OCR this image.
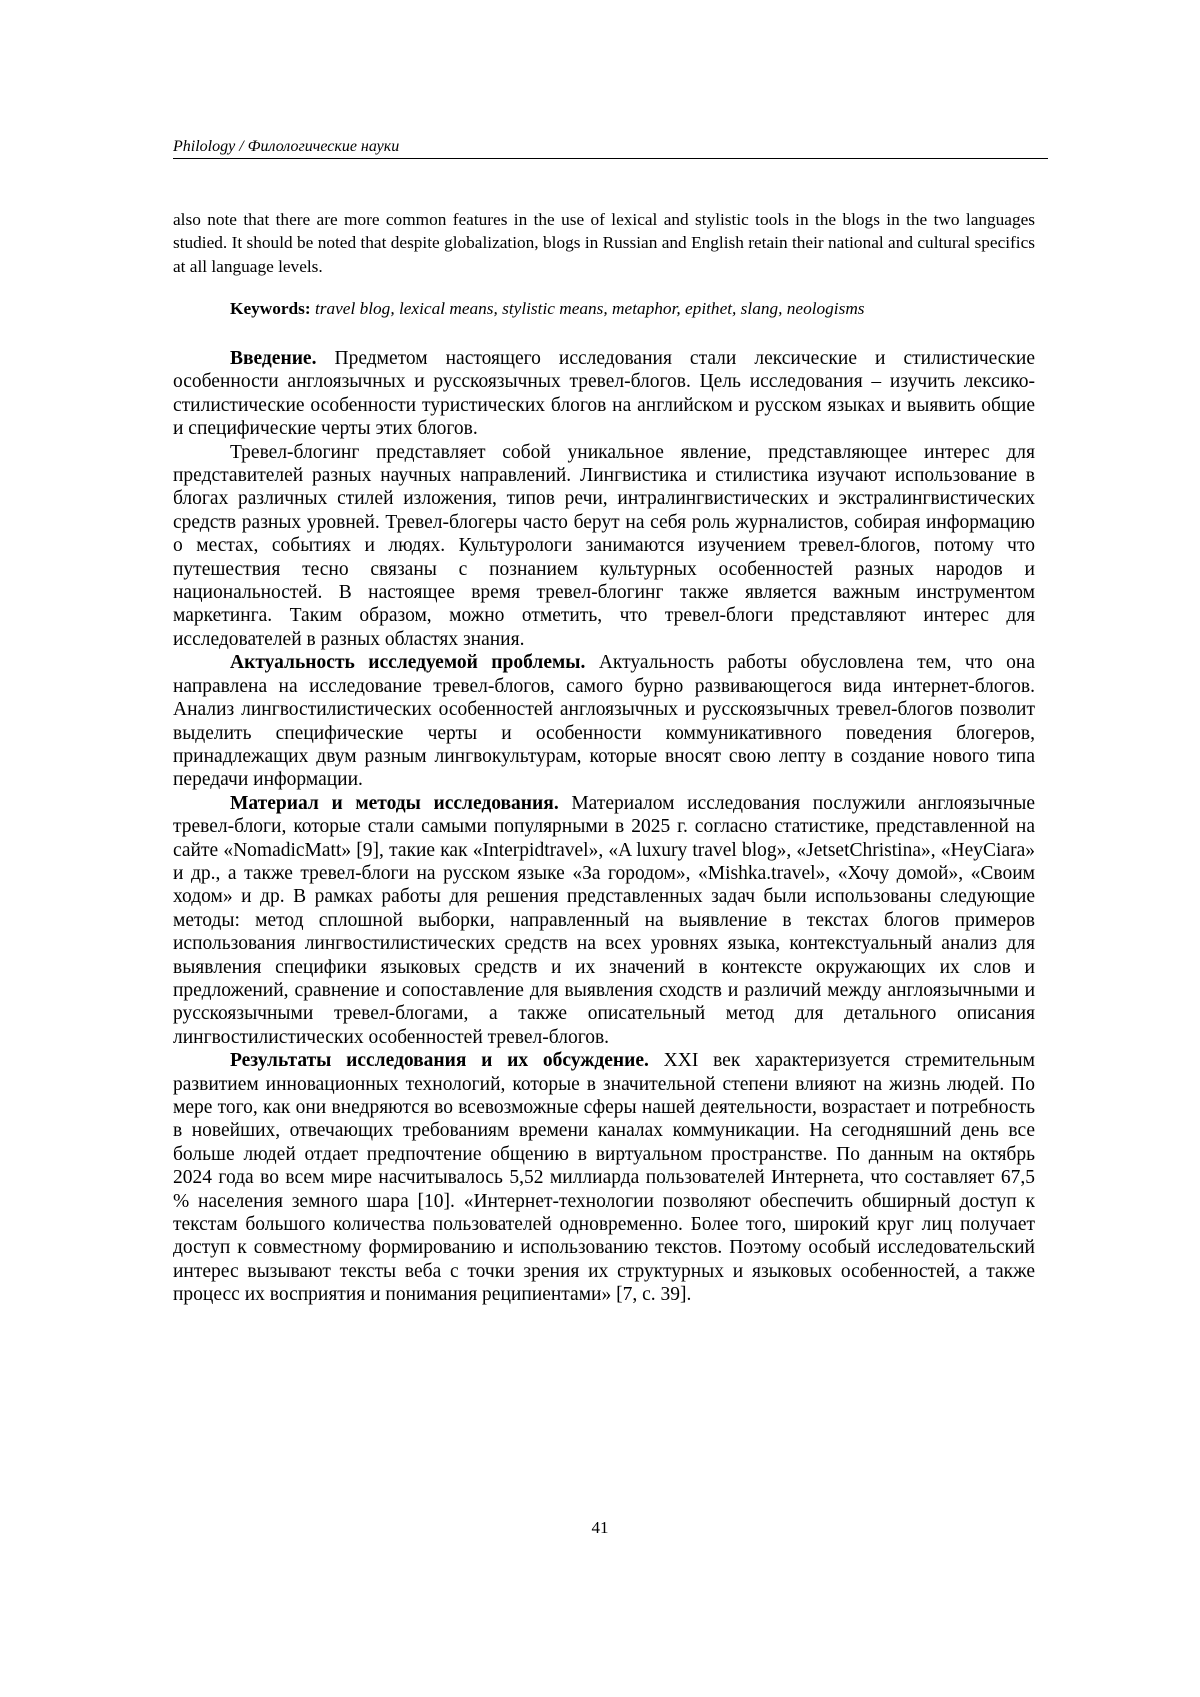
Philology / Филологические науки

also note that there are more common features in the use of lexical and stylistic tools in the blogs in the two languages studied. It should be noted that despite globalization, blogs in Russian and English retain their national and cultural specifics at all language levels.

Keywords: travel blog, lexical means, stylistic means, metaphor, epithet, slang, neologisms

Введение. Предметом настоящего исследования стали лексические и стилистические особенности англоязычных и русскоязычных тревел-блогов. Цель исследования – изучить лексико-стилистические особенности туристических блогов на английском и русском языках и выявить общие и специфические черты этих блогов.

Тревел-блогинг представляет собой уникальное явление, представляющее интерес для представителей разных научных направлений. Лингвистика и стилистика изучают использование в блогах различных стилей изложения, типов речи, интралингвистических и экстралингвистических средств разных уровней. Тревел-блогеры часто берут на себя роль журналистов, собирая информацию о местах, событиях и людях. Культурологи занимаются изучением тревел-блогов, потому что путешествия тесно связаны с познанием культурных особенностей разных народов и национальностей. В настоящее время тревел-блогинг также является важным инструментом маркетинга. Таким образом, можно отметить, что тревел-блоги представляют интерес для исследователей в разных областях знания.

Актуальность исследуемой проблемы. Актуальность работы обусловлена тем, что она направлена на исследование тревел-блогов, самого бурно развивающегося вида интернет-блогов. Анализ лингвостилистических особенностей англоязычных и русскоязычных тревел-блогов позволит выделить специфические черты и особенности коммуникативного поведения блогеров, принадлежащих двум разным лингвокультурам, которые вносят свою лепту в создание нового типа передачи информации.

Материал и методы исследования. Материалом исследования послужили англоязычные тревел-блоги, которые стали самыми популярными в 2025 г. согласно статистике, представленной на сайте «NomadicMatt» [9], такие как «Interpidtravel», «A luxury travel blog», «JetsetChristina», «HeyCiara» и др., а также тревел-блоги на русском языке «За городом», «Mishka.travel», «Хочу домой», «Своим ходом» и др. В рамках работы для решения представленных задач были использованы следующие методы: метод сплошной выборки, направленный на выявление в текстах блогов примеров использования лингвостилистических средств на всех уровнях языка, контекстуальный анализ для выявления специфики языковых средств и их значений в контексте окружающих их слов и предложений, сравнение и сопоставление для выявления сходств и различий между англоязычными и русскоязычными тревел-блогами, а также описательный метод для детального описания лингвостилистических особенностей тревел-блогов.

Результаты исследования и их обсуждение. XXI век характеризуется стремительным развитием инновационных технологий, которые в значительной степени влияют на жизнь людей. По мере того, как они внедряются во всевозможные сферы нашей деятельности, возрастает и потребность в новейших, отвечающих требованиям времени каналах коммуникации. На сегодняшний день все больше людей отдает предпочтение общению в виртуальном пространстве. По данным на октябрь 2024 года во всем мире насчитывалось 5,52 миллиарда пользователей Интернета, что составляет 67,5 % населения земного шара [10]. «Интернет-технологии позволяют обеспечить обширный доступ к текстам большого количества пользователей одновременно. Более того, широкий круг лиц получает доступ к совместному формированию и использованию текстов. Поэтому особый исследовательский интерес вызывают тексты веба с точки зрения их структурных и языковых особенностей, а также процесс их восприятия и понимания реципиентами» [7, с. 39].

41
